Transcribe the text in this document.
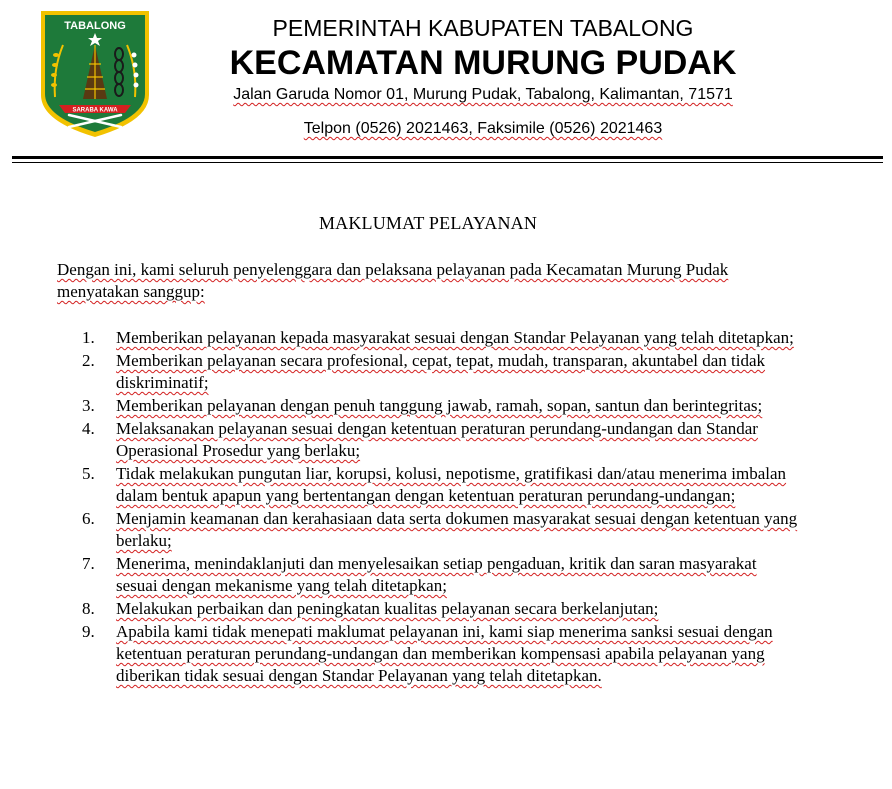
TABALONG
SARABA KAWA
PEMERINTAH KABUPATEN TABALONG
KECAMATAN MURUNG PUDAK
Jalan Garuda Nomor 01, Murung Pudak, Tabalong, Kalimantan, 71571
Telpon (0526) 2021463, Faksimile (0526) 2021463
MAKLUMAT PELAYANAN
Dengan ini, kami seluruh penyelenggara dan pelaksana pelayanan pada Kecamatan Murung Pudak menyatakan sanggup:
1. Memberikan pelayanan kepada masyarakat sesuai dengan Standar Pelayanan yang telah ditetapkan;
2. Memberikan pelayanan secara profesional, cepat, tepat, mudah, transparan, akuntabel dan tidak diskriminatif;
3. Memberikan pelayanan dengan penuh tanggung jawab, ramah, sopan, santun dan berintegritas;
4. Melaksanakan pelayanan sesuai dengan ketentuan peraturan perundang-undangan dan Standar Operasional Prosedur yang berlaku;
5. Tidak melakukan pungutan liar, korupsi, kolusi, nepotisme, gratifikasi dan/atau menerima imbalan dalam bentuk apapun yang bertentangan dengan ketentuan peraturan perundang-undangan;
6. Menjamin keamanan dan kerahasiaan data serta dokumen masyarakat sesuai dengan ketentuan yang berlaku;
7. Menerima, menindaklanjuti dan menyelesaikan setiap pengaduan, kritik dan saran masyarakat sesuai dengan mekanisme yang telah ditetapkan;
8. Melakukan perbaikan dan peningkatan kualitas pelayanan secara berkelanjutan;
9. Apabila kami tidak menepati maklumat pelayanan ini, kami siap menerima sanksi sesuai dengan ketentuan peraturan perundang-undangan dan memberikan kompensasi apabila pelayanan yang diberikan tidak sesuai dengan Standar Pelayanan yang telah ditetapkan.
